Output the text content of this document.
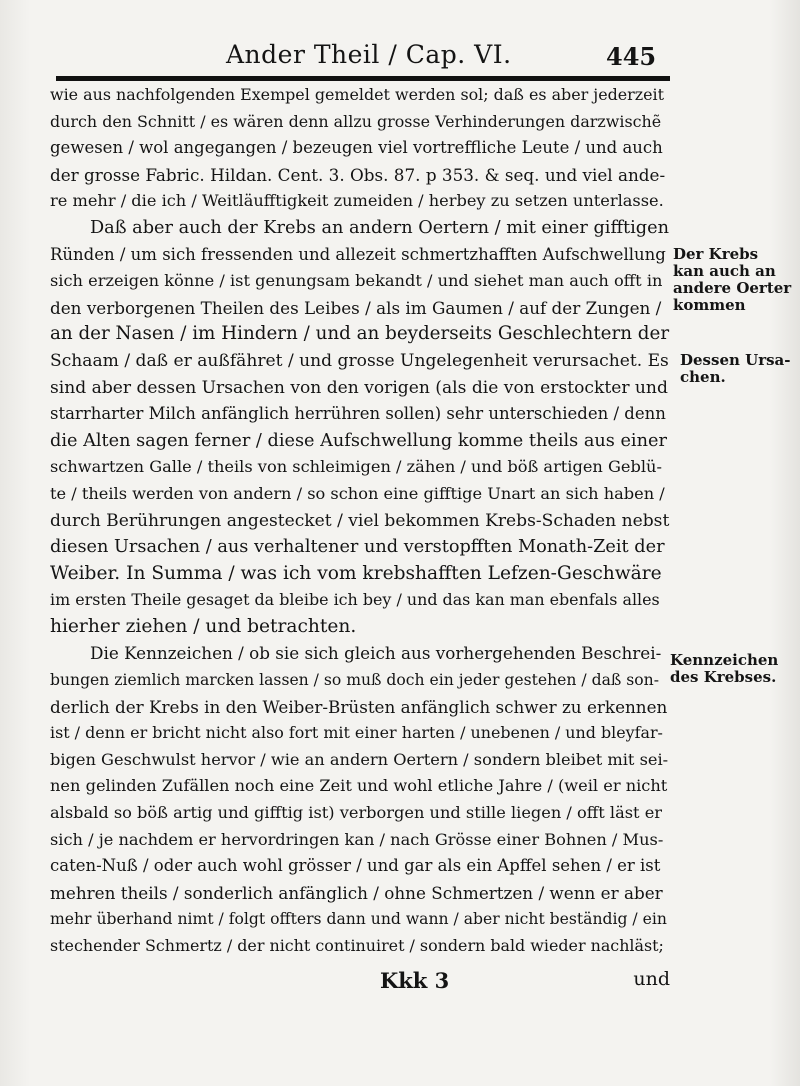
Ander Theil / Cap. VI.	445
wie aus nachfolgenden Exempel gemeldet werden sol; daß es aber jederzeit
durch den Schnitt / es wären denn allzu grosse Verhinderungen darzwischẽ
gewesen / wol angegangen / bezeugen viel vortreffliche Leute / und auch
der grosse Fabric. Hildan. Cent. 3. Obs. 87. p 353. & seq. und viel ande-
re mehr / die ich / Weitläufftigkeit zumeiden / herbey zu setzen unterlasse.
Daß aber auch der Krebs an andern Oertern / mit einer gifftigen
Ründen / um sich fressenden und allezeit schmertzhafften Aufschwellung
sich erzeigen könne / ist genungsam bekandt / und siehet man auch offt in
den verborgenen Theilen des Leibes / als im Gaumen / auf der Zungen /
an der Nasen / im Hindern / und an beyderseits Geschlechtern der
Schaam / daß er außfähret / und grosse Ungelegenheit verursachet. Es
sind aber dessen Ursachen von den vorigen (als die von erstockter und
starrharter Milch anfänglich herrühren sollen) sehr unterschieden / denn
die Alten sagen ferner / diese Aufschwellung komme theils aus einer
schwartzen Galle / theils von schleimigen / zähen / und böß artigen Geblü-
te / theils werden von andern / so schon eine gifftige Unart an sich haben /
durch Berührungen angestecket / viel bekommen Krebs-Schaden nebst
diesen Ursachen / aus verhaltener und verstopfften Monath-Zeit der
Weiber. In Summa / was ich vom krebshafften Lefzen-Geschwäre
im ersten Theile gesaget da bleibe ich bey / und das kan man ebenfals alles
hierher ziehen / und betrachten.
Die Kennzeichen / ob sie sich gleich aus vorhergehenden Beschrei-
bungen ziemlich marcken lassen / so muß doch ein jeder gestehen / daß son-
derlich der Krebs in den Weiber-Brüsten anfänglich schwer zu erkennen
ist / denn er bricht nicht also fort mit einer harten / unebenen / und bleyfar-
bigen Geschwulst hervor / wie an andern Oertern / sondern bleibet mit sei-
nen gelinden Zufällen noch eine Zeit und wohl etliche Jahre / (weil er nicht
alsbald so böß artig und gifftig ist) verborgen und stille liegen / offt läst er
sich / je nachdem er hervordringen kan / nach Grösse einer Bohnen / Mus-
caten-Nuß / oder auch wohl grösser / und gar als ein Apffel sehen / er ist
mehren theils / sonderlich anfänglich / ohne Schmertzen / wenn er aber
mehr überhand nimt / folgt offters dann und wann / aber nicht beständig / ein
stechender Schmertz / der nicht continuiret / sondern bald wieder nachläst;
Der Krebs
kan auch an
andere Oerter
kommen
Dessen Ursa-
chen.
Kennzeichen
des Krebses.
Kkk 3	und
